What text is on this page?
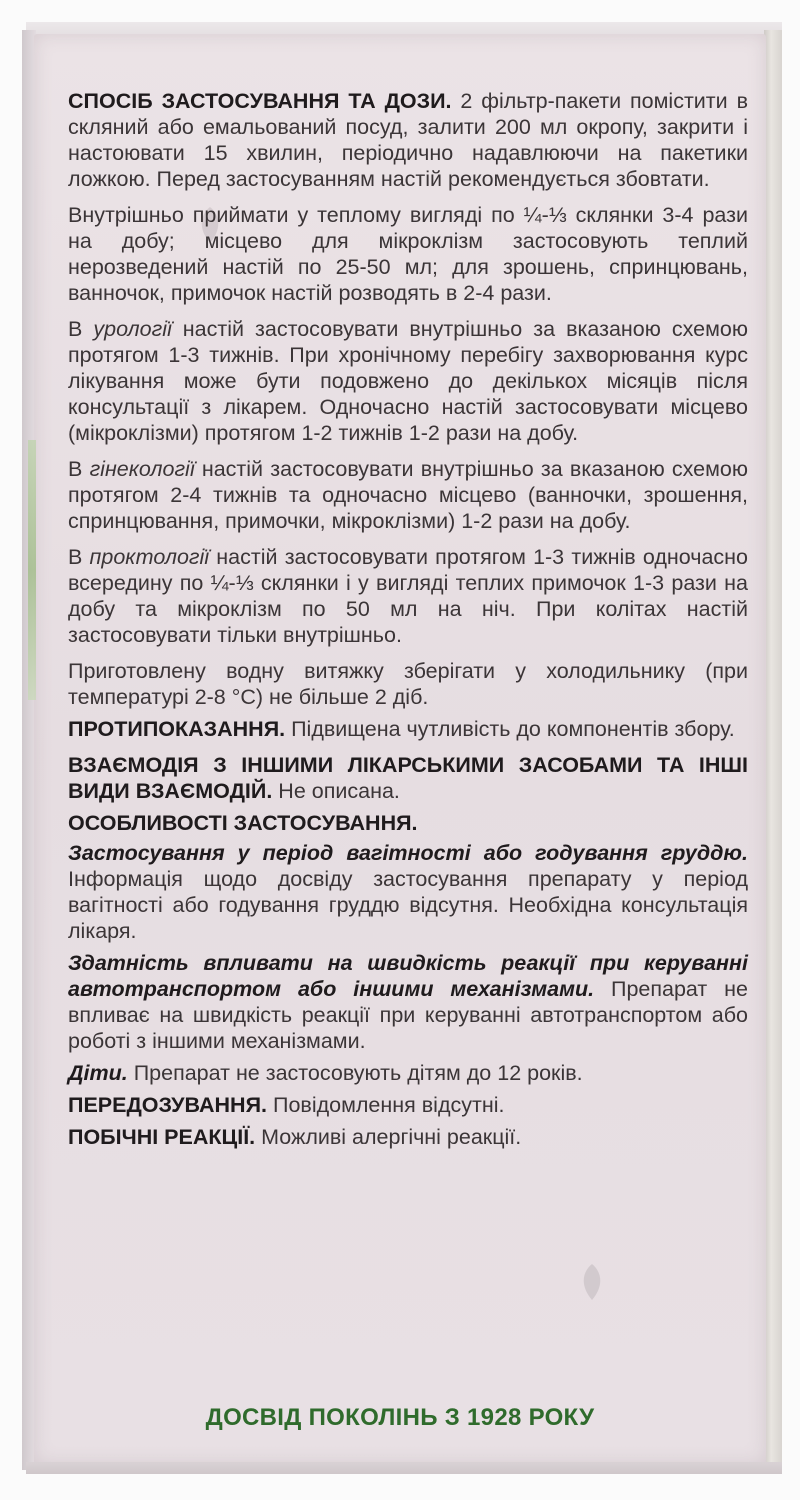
СПОСІБ ЗАСТОСУВАННЯ ТА ДОЗИ. 2 фільтр-пакети помістити в скляний або емальований посуд, залити 200 мл окропу, закрити і настоювати 15 хвилин, періодично надавлюючи на пакетики ложкою. Перед застосуванням настій рекомендується збовтати.

Внутрішньо приймати у теплому вигляді по ¼-⅓ склянки 3-4 рази на добу; місцево для мікроклізм застосовують теплий нерозведений настій по 25-50 мл; для зрошень, спринцювань, ванночок, примочок настій розводять в 2-4 рази.

В урології настій застосовувати внутрішньо за вказаною схемою протягом 1-3 тижнів. При хронічному перебігу захворювання курс лікування може бути подовжено до декількох місяців після консультації з лікарем. Одночасно настій застосовувати місцево (мікроклізми) протягом 1-2 тижнів 1-2 рази на добу.

В гінекології настій застосовувати внутрішньо за вказаною схемою протягом 2-4 тижнів та одночасно місцево (ванночки, зрошення, спринцювання, примочки, мікроклізми) 1-2 рази на добу.

В проктології настій застосовувати протягом 1-3 тижнів одночасно всередину по ¼-⅓ склянки і у вигляді теплих примочок 1-3 рази на добу та мікроклізм по 50 мл на ніч. При колітах настій застосовувати тільки внутрішньо.

Приготовлену водну витяжку зберігати у холодильнику (при температурі 2-8 °С) не більше 2 діб.

ПРОТИПОКАЗАННЯ. Підвищена чутливість до компонентів збору.

ВЗАЄМОДІЯ З ІНШИМИ ЛІКАРСЬКИМИ ЗАСОБАМИ ТА ІНШІ ВИДИ ВЗАЄМОДІЙ. Не описана.

ОСОБЛИВОСТІ ЗАСТОСУВАННЯ.

Застосування у період вагітності або годування груддю. Інформація щодо досвіду застосування препарату у період вагітності або годування груддю відсутня. Необхідна консультація лікаря.

Здатність впливати на швидкість реакції при керуванні автотранспортом або іншими механізмами. Препарат не впливає на швидкість реакції при керуванні автотранспортом або роботі з іншими механізмами.

Діти. Препарат не застосовують дітям до 12 років.

ПЕРЕДОЗУВАННЯ. Повідомлення відсутні.

ПОБІЧНІ РЕАКЦІЇ. Можливі алергічні реакції.

ДОСВІД ПОКОЛІНЬ З 1928 РОКУ
